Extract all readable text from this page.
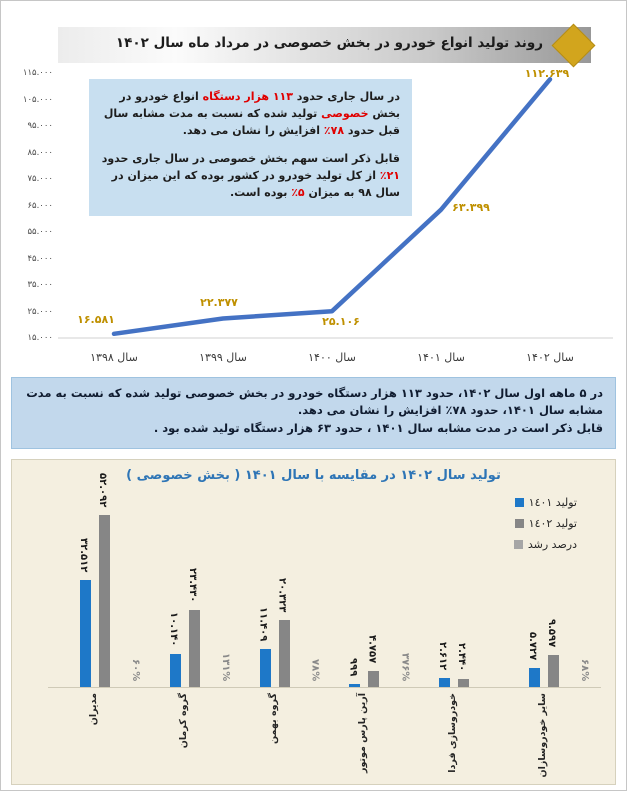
روند تولید انواع خودرو در بخش خصوصی در مرداد ماه سال ۱۴۰۲
۱۱۵.۰۰۰
۱۰۵.۰۰۰
۹۵.۰۰۰
۸۵.۰۰۰
۷۵.۰۰۰
۶۵.۰۰۰
۵۵.۰۰۰
۴۵.۰۰۰
۳۵.۰۰۰
۲۵.۰۰۰
۱۵.۰۰۰
سال ۱۳۹۸	سال ۱۳۹۹	سال ۱۴۰۰	سال ۱۴۰۱	سال ۱۴۰۲
۱۶.۵۸۱
۲۲.۳۷۷
۲۵.۱۰۶
۶۳.۳۹۹
۱۱۲.۶۳۹

در سال جاری حدود ۱۱۳ هزار دستگاه انواع خودرو در بخش خصوصی تولید شده که نسبت به مدت مشابه سال قبل حدود ۷۸٪ افزایش را نشان می دهد.

قابل ذکر است سهم بخش خصوصی در سال جاری حدود ۲۱٪ از کل تولید خودرو در کشور بوده که این میزان در سال ۹۸ به میزان ۵٪ بوده است.

در ۵ ماهه اول سال ۱۴۰۲، حدود ۱۱۳ هزار دستگاه خودرو در بخش خصوصی تولید شده که نسبت به مدت مشابه سال ۱۴۰۱، حدود ۷۸٪ افزایش را نشان می دهد.

قابل ذکر است در مدت مشابه سال ۱۴۰۱ ، حدود ۶۳ هزار دستگاه تولید شده بود .

تولید سال ۱۴۰۲ در مقایسه با سال ۱۴۰۱ ( بخش خصوصی )
تولید ١٤٠١
تولید ١٤٠٢
درصد رشد
۳۲.۵۱۲
۵۲.۰۹۲
۶۰%
مدیران
۱۰.۱۴۰
۲۳.۴۳۰
۱۳۱%
گروه کرمان
۱۱.۴۰۹
۲۰.۳۲۳
۷۸%
گروه بهمن
۹۹۹
۴.۷۵۷
۳۷۶%
آرین پارس موتور
۲.۶۱۲ ۲.۴۴۰
خودروسازی فردا
۵.۷۲۷ ۹.۵۹۷
۶۸%
سایر خودروسازان
